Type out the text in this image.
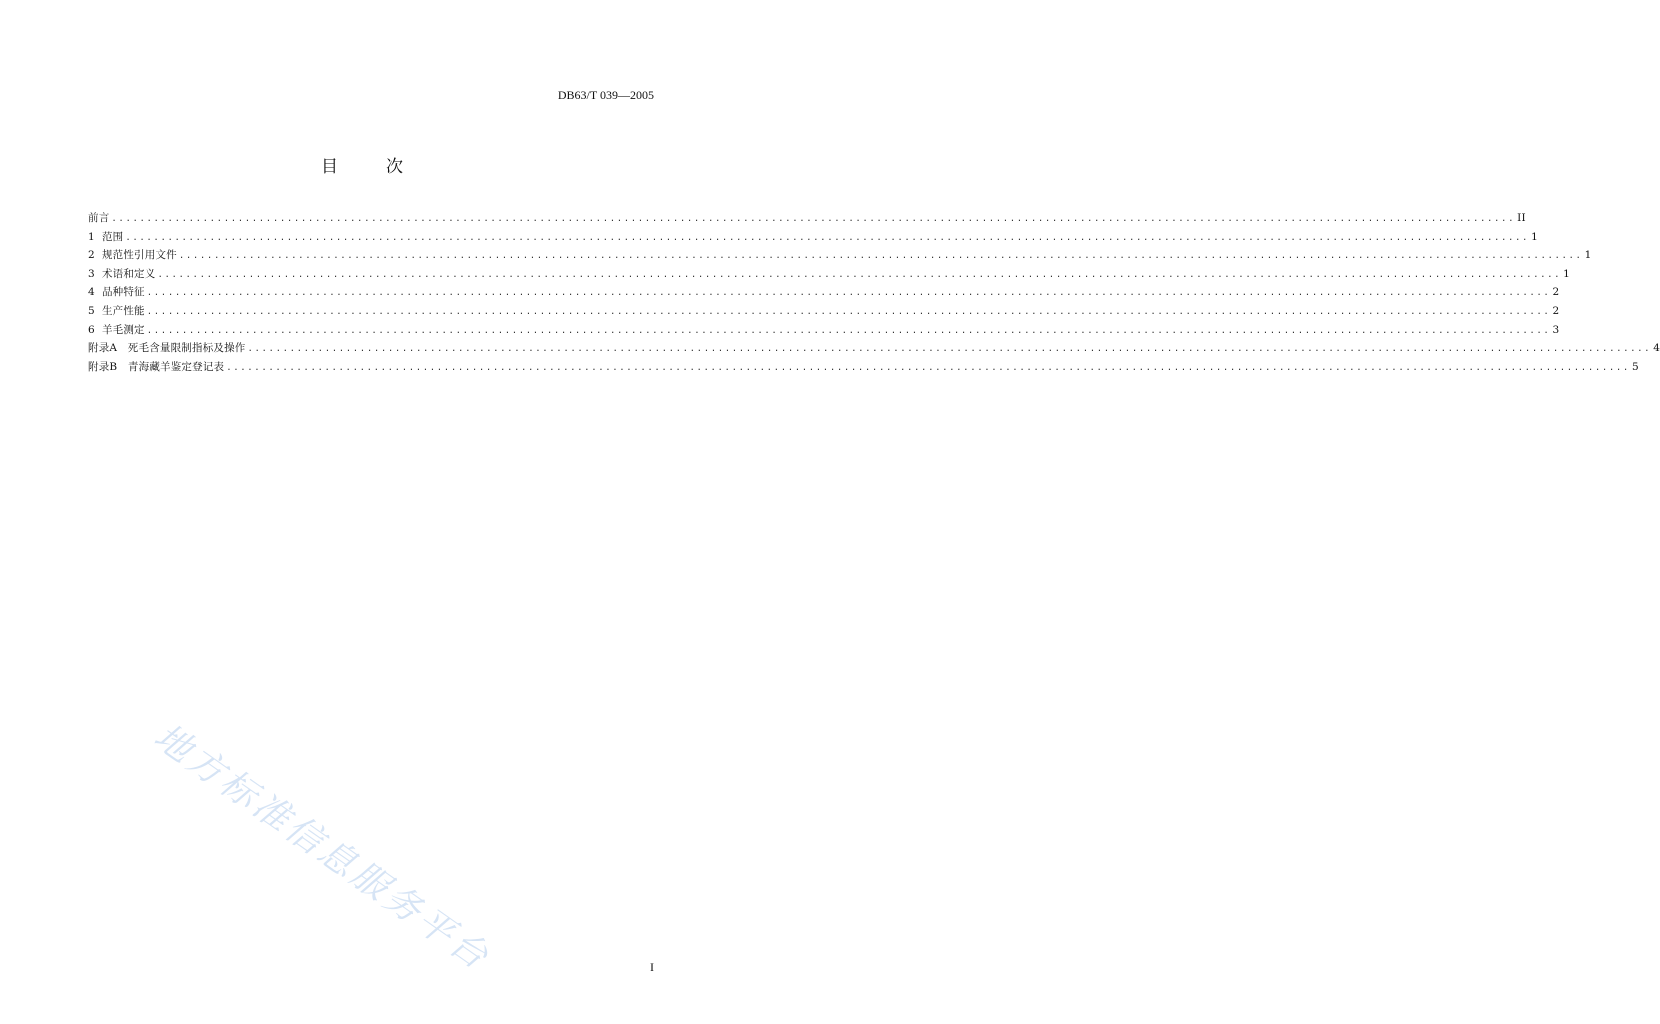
DB63/T 039—2005
目	次
前言 ........................................................................................................................................................................................................ II
1  范围 ........................................................................................................................................................................................................ 1
2  规范性引用文件 ........................................................................................................................................................................................................ 1
3  术语和定义 ........................................................................................................................................................................................................ 1
4  品种特征 ........................................................................................................................................................................................................ 2
5  生产性能 ........................................................................................................................................................................................................ 2
6  羊毛测定 ........................................................................................................................................................................................................ 3
附录A   死毛含量限制指标及操作 ........................................................................................................................................................................................................ 4
附录B   青海藏羊鉴定登记表 ........................................................................................................................................................................................................ 5
地方标准信息服务平台	I
